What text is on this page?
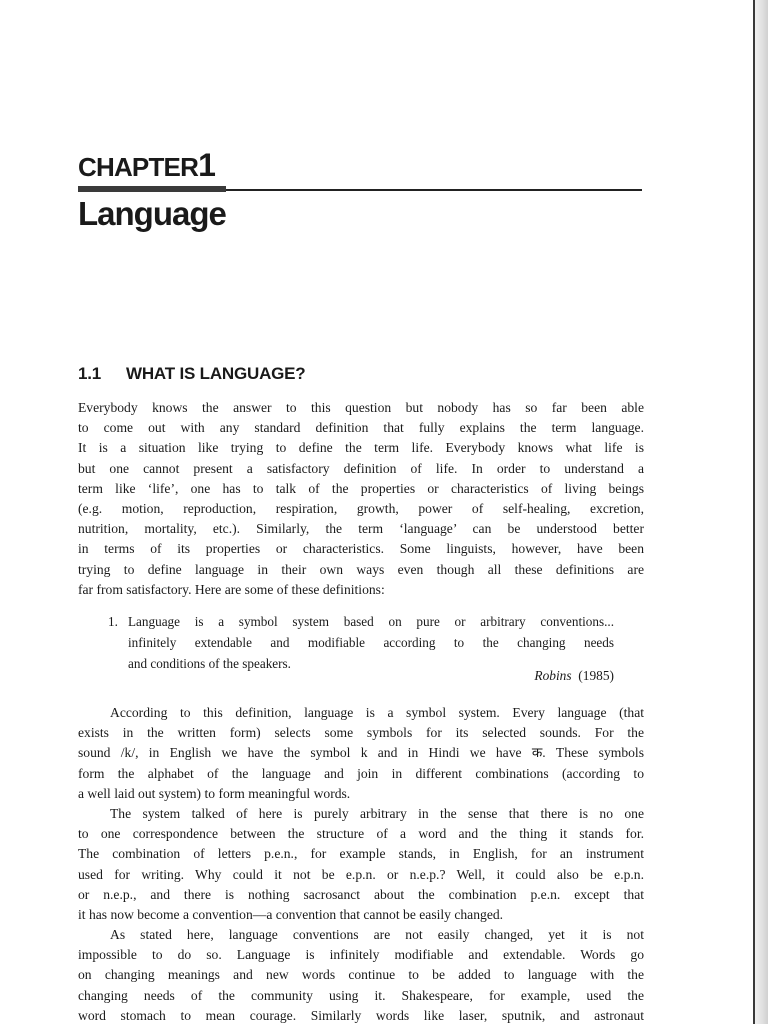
CHAPTER1
Language
1.1 WHAT IS LANGUAGE?
Everybody knows the answer to this question but nobody has so far been able
to come out with any standard definition that fully explains the term language.
It is a situation like trying to define the term life. Everybody knows what life is
but one cannot present a satisfactory definition of life. In order to understand a
term like ‘life’, one has to talk of the properties or characteristics of living beings
(e.g. motion, reproduction, respiration, growth, power of self-healing, excretion,
nutrition, mortality, etc.). Similarly, the term ‘language’ can be understood better
in terms of its properties or characteristics. Some linguists, however, have been
trying to define language in their own ways even though all these definitions are
far from satisfactory. Here are some of these definitions:
1. Language is a symbol system based on pure or arbitrary conventions...
infinitely extendable and modifiable according to the changing needs
and conditions of the speakers.
Robins (1985)
According to this definition, language is a symbol system. Every language (that
exists in the written form) selects some symbols for its selected sounds. For the
sound /k/, in English we have the symbol k and in Hindi we have क. These symbols
form the alphabet of the language and join in different combinations (according to
a well laid out system) to form meaningful words.
The system talked of here is purely arbitrary in the sense that there is no one
to one correspondence between the structure of a word and the thing it stands for.
The combination of letters p.e.n., for example stands, in English, for an instrument
used for writing. Why could it not be e.p.n. or n.e.p.? Well, it could also be e.p.n.
or n.e.p., and there is nothing sacrosanct about the combination p.e.n. except that
it has now become a convention—a convention that cannot be easily changed.
As stated here, language conventions are not easily changed, yet it is not
impossible to do so. Language is infinitely modifiable and extendable. Words go
on changing meanings and new words continue to be added to language with the
changing needs of the community using it. Shakespeare, for example, used the
word stomach to mean courage. Similarly words like laser, sputnik, and astronaut
